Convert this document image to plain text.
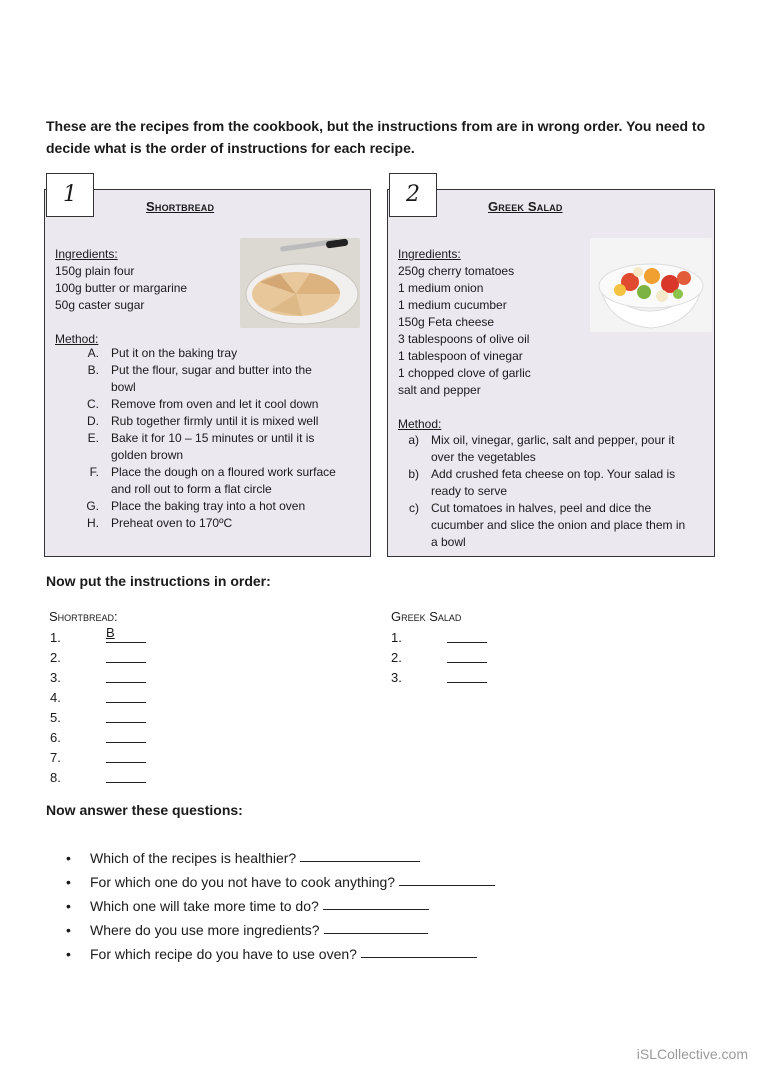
These are the recipes from the cookbook, but the instructions from are in wrong order. You need to decide what is the order of instructions for each recipe.
1	Shortbread
Ingredients:
150g plain four
100g butter or margarine
50g caster sugar
Method:
A. Put it on the baking tray
B. Put the flour, sugar and butter into the bowl
C. Remove from oven and let it cool down
D. Rub together firmly until it is mixed well
E. Bake it for 10 – 15 minutes or until it is golden brown
F. Place the dough on a floured work surface and roll out to form a flat circle
G. Place the baking tray into a hot oven
H. Preheat oven to 170ºC
2	Greek Salad
Ingredients:
250g cherry tomatoes
1 medium onion
1 medium cucumber
150g Feta cheese
3 tablespoons of olive oil
1 tablespoon of vinegar
1 chopped clove of garlic
salt and pepper
Method:
a) Mix oil, vinegar, garlic, salt and pepper, pour it over the vegetables
b) Add crushed feta cheese on top. Your salad is ready to serve
c) Cut tomatoes in halves, peel and dice the cucumber and slice the onion and place them in a bowl
Now put the instructions in order:
Shortbread:
1.	B
2.
3.
4.
5.
6.
7.
8.
Greek Salad
1.
2.
3.
Now answer these questions:
•	Which of the recipes is healthier?
•	For which one do you not have to cook anything?
•	Which one will take more time to do?
•	Where do you use more ingredients?
•	For which recipe do you have to use oven?
iSLCollective.com
